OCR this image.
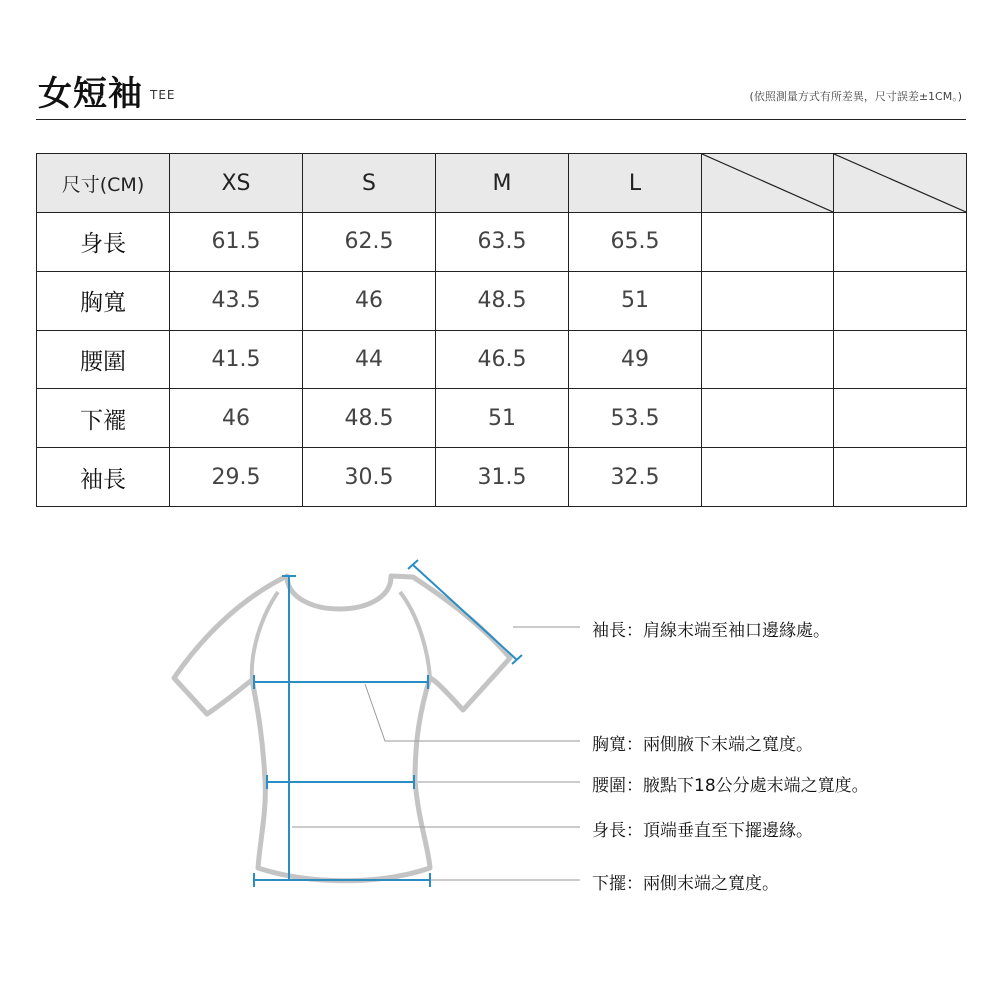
女短袖 TEE	(依照測量方式有所差異，尺寸誤差±1CM。)
尺寸(CM)	XS	S	M	L	

身長	61.5	62.5	63.5	65.5		
胸寬	43.5	46	48.5	51		
腰圍	41.5	44	46.5	49		
下襬	46	48.5	51	53.5		
袖長	29.5	30.5	31.5	32.5		
袖長：肩線末端至袖口邊緣處。
胸寬：兩側腋下末端之寬度。
腰圍：腋點下18公分處末端之寬度。
身長：頂端垂直至下擺邊緣。
下擺：兩側末端之寬度。
